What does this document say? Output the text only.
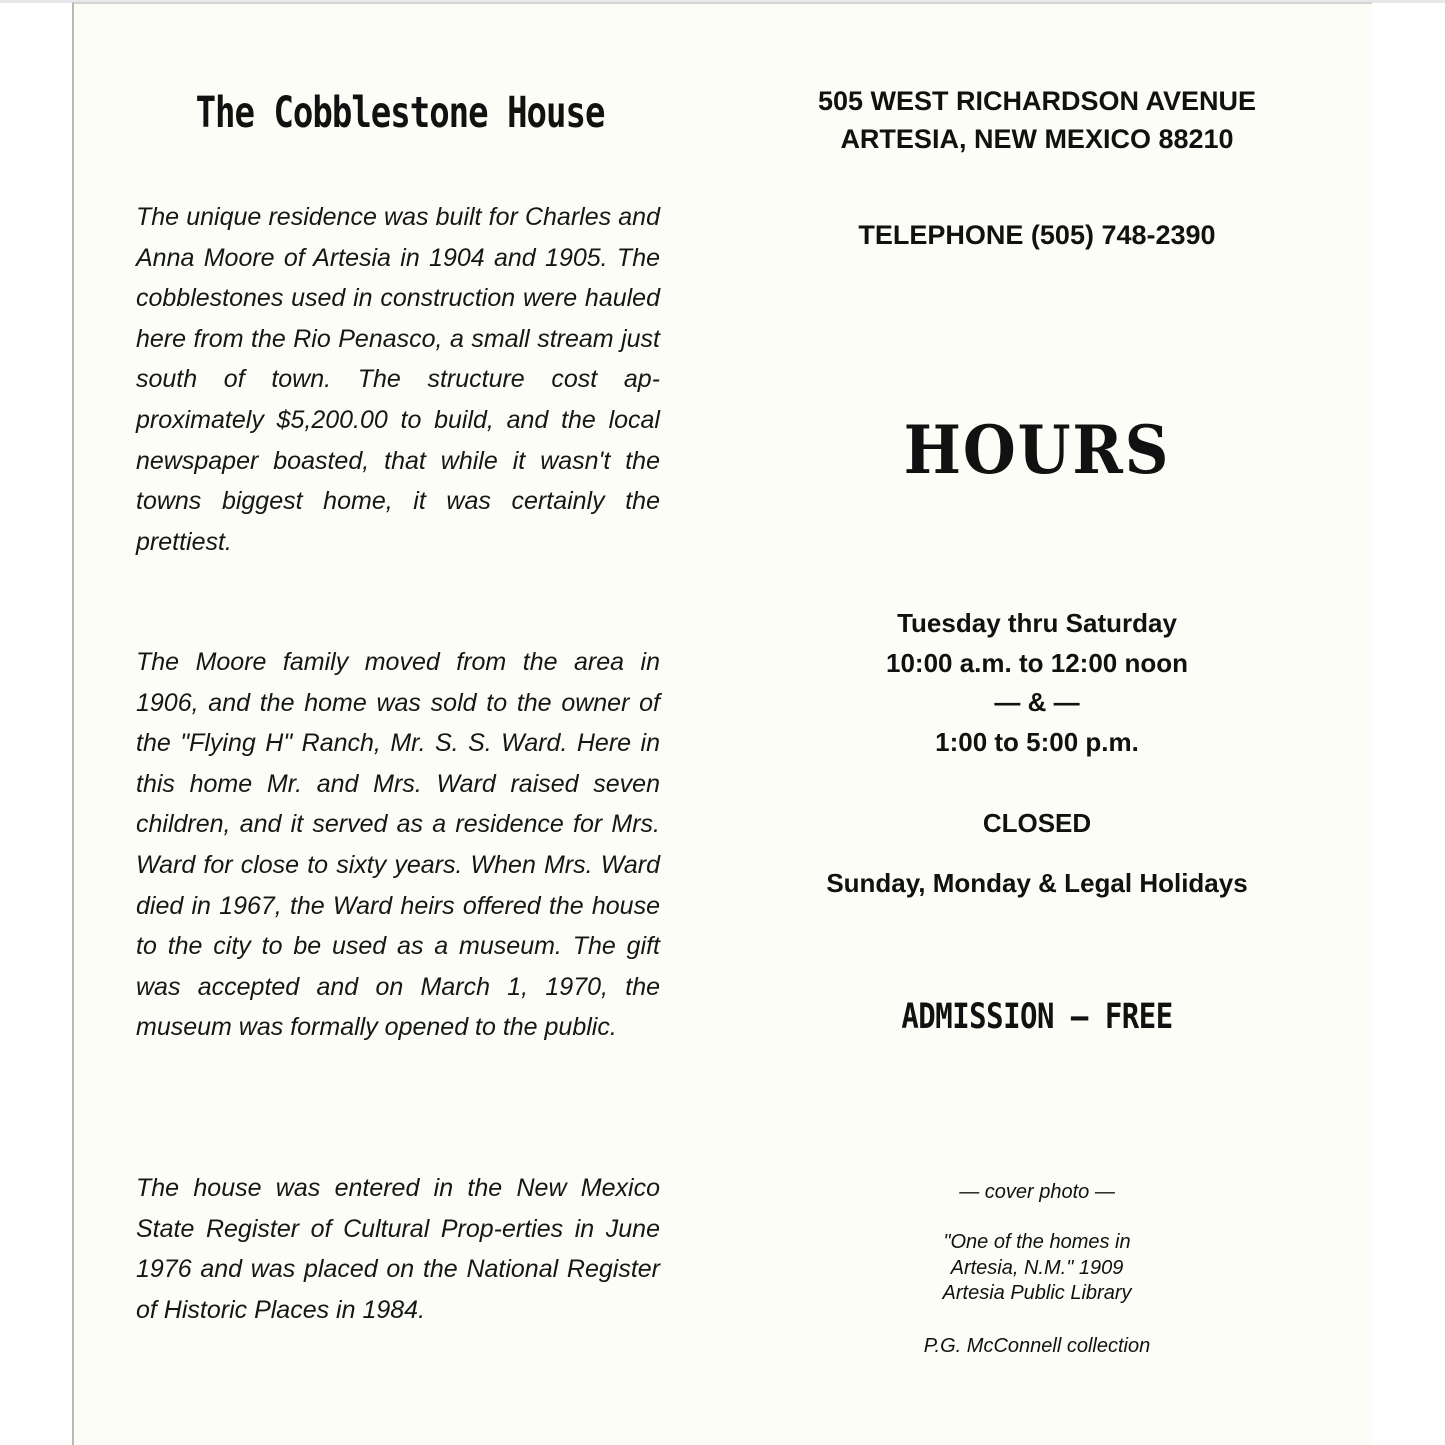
The Cobblestone House

The unique residence was built for Charles and Anna Moore of Artesia in 1904 and 1905. The cobblestones used in construction were hauled here from the Rio Penasco, a small stream just south of town. The structure cost ap-proximately $5,200.00 to build, and the local newspaper boasted, that while it wasn't the towns biggest home, it was certainly the prettiest.

The Moore family moved from the area in 1906, and the home was sold to the owner of the "Flying H" Ranch, Mr. S. S. Ward. Here in this home Mr. and Mrs. Ward raised seven children, and it served as a residence for Mrs. Ward for close to sixty years. When Mrs. Ward died in 1967, the Ward heirs offered the house to the city to be used as a museum. The gift was accepted and on March 1, 1970, the museum was formally opened to the public.

The house was entered in the New Mexico State Register of Cultural Prop-erties in June 1976 and was placed on the National Register of Historic Places in 1984.

505 WEST RICHARDSON AVENUE
ARTESIA, NEW MEXICO 88210

TELEPHONE (505) 748-2390

HOURS

Tuesday thru Saturday
10:00 a.m. to 12:00 noon
— & —
1:00 to 5:00 p.m.

CLOSED

Sunday, Monday & Legal Holidays

ADMISSION — FREE

— cover photo —

"One of the homes in
Artesia, N.M." 1909
Artesia Public Library

P.G. McConnell collection
